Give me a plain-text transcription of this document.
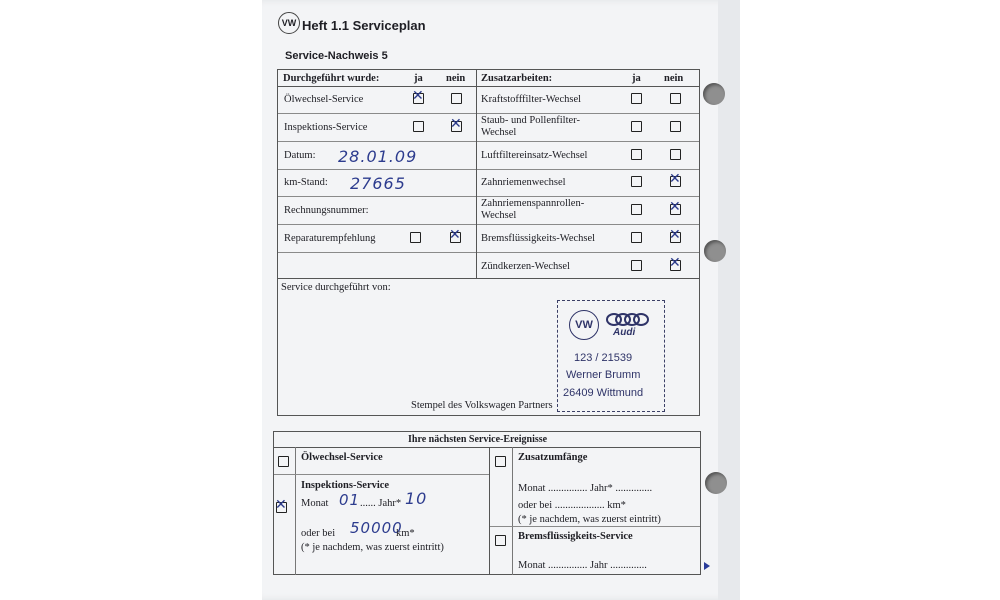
VW Heft 1.1 Serviceplan
Service-Nachweis 5
Durchgeführt wurde:	ja nein
Ölwechsel-Service
✕
Inspektions-Service
✕
Datum: 28.01.09
km-Stand: 27665
Rechnungsnummer:
Reparaturempfehlung
✕
Zusatzarbeiten:	ja nein
Kraftstofffilter-Wechsel
Staub- und Pollenfilter-
Wechsel
Luftfiltereinsatz-Wechsel
Zahnriemenwechsel
✕
Zahnriemenspannrollen-
Wechsel
✕
Bremsflüssigkeits-Wechsel
✕
Zündkerzen-Wechsel
✕
Service durchgeführt von:
VW
Audi
123 / 21539
Werner Brumm
26409 Wittmund
Stempel des Volkswagen Partners
Ihre nächsten Service-Ereignisse
Ölwechsel-Service
✕
Inspektions-Service
Monat 01 ...... Jahr* 10
oder bei 50000
km*
(* je nachdem, was zuerst eintritt)
Zusatzumfänge
Monat ............... Jahr* ..............
oder bei ................... km*
(* je nachdem, was zuerst eintritt)
Bremsflüssigkeits-Service
Monat ............... Jahr ..............
